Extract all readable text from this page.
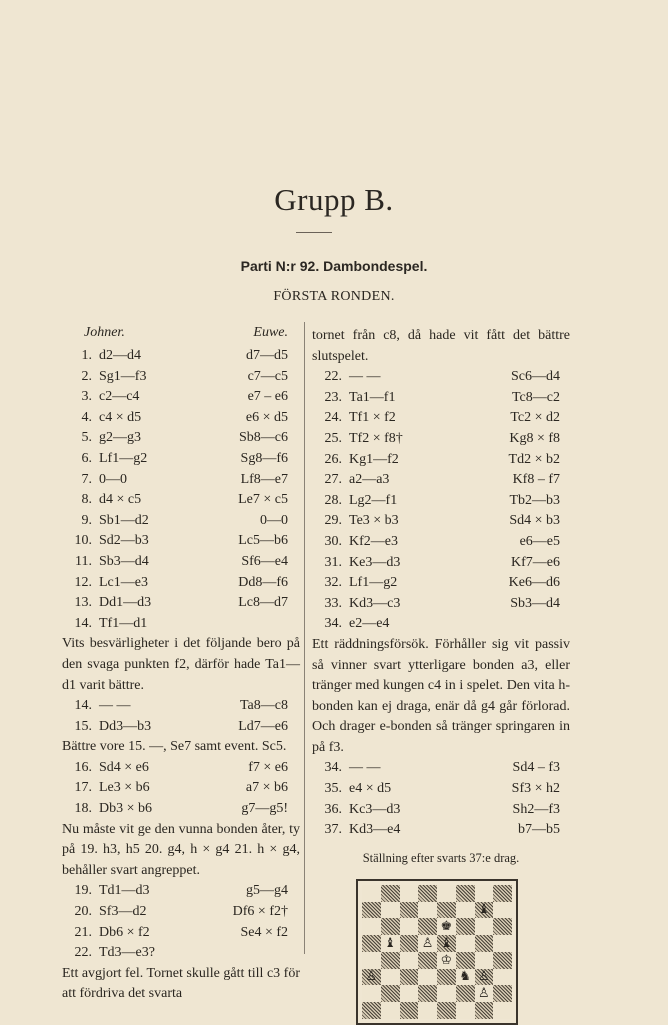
Grupp B.
Parti N:r 92. Dambondespel.
FÖRSTA RONDEN.
Johner.	Euwe.
1. d2—d4	d7—d5
2. Sg1—f3	c7—c5
3. c2—c4	e7 – e6
4. c4 × d5	e6 × d5
5. g2—g3	Sb8—c6
6. Lf1—g2	Sg8—f6
7. 0—0	Lf8—e7
8. d4 × c5	Le7 × c5
9. Sb1—d2	0—0
10. Sd2—b3	Lc5—b6
11. Sb3—d4	Sf6—e4
12. Lc1—e3	Dd8—f6
13. Dd1—d3	Lc8—d7
14. Tf1—d1
Vits besvärligheter i det följande bero på den svaga punkten f2, därför hade Ta1—d1 varit bättre.
14. — —	Ta8—c8
15. Dd3—b3	Ld7—e6
Bättre vore 15. —, Se7 samt event. Sc5.
16. Sd4 × e6	f7 × e6
17. Le3 × b6	a7 × b6
18. Db3 × b6	g7—g5!
Nu måste vit ge den vunna bonden åter, ty på 19. h3, h5 20. g4, h × g4 21. h × g4, behåller svart angreppet.
19. Td1—d3	g5—g4
20. Sf3—d2	Df6 × f2†
21. Db6 × f2	Se4 × f2
22. Td3—e3?
Ett avgjort fel. Tornet skulle gått till c3 för att fördriva det svarta
tornet från c8, då hade vit fått det bättre slutspelet.
22. — —	Sc6—d4
23. Ta1—f1	Tc8—c2
24. Tf1 × f2	Tc2 × d2
25. Tf2 × f8†	Kg8 × f8
26. Kg1—f2	Td2 × b2
27. a2—a3	Kf8 – f7
28. Lg2—f1	Tb2—b3
29. Te3 × b3	Sd4 × b3
30. Kf2—e3	e6—e5
31. Ke3—d3	Kf7—e6
32. Lf1—g2	Ke6—d6
33. Kd3—c3	Sb3—d4
34. e2—e4
Ett räddningsförsök. Förhåller sig vit passiv så vinner svart ytterligare bonden a3, eller tränger med kungen c4 in i spelet. Den vita h-bonden kan ej dragа, enär då g4 går förlorad. Och drager e-bonden så tränger springaren in på f3.
34. — —	Sd4 – f3
35. e4 × d5	Sf3 × h2
36. Kc3—d3	Sh2—f3
37. Kd3—e4	b7—b5
Ställning efter svarts 37:e drag.
♝
♚
♝ ♙ ♝
♔
♙	♞ ♙
♙
